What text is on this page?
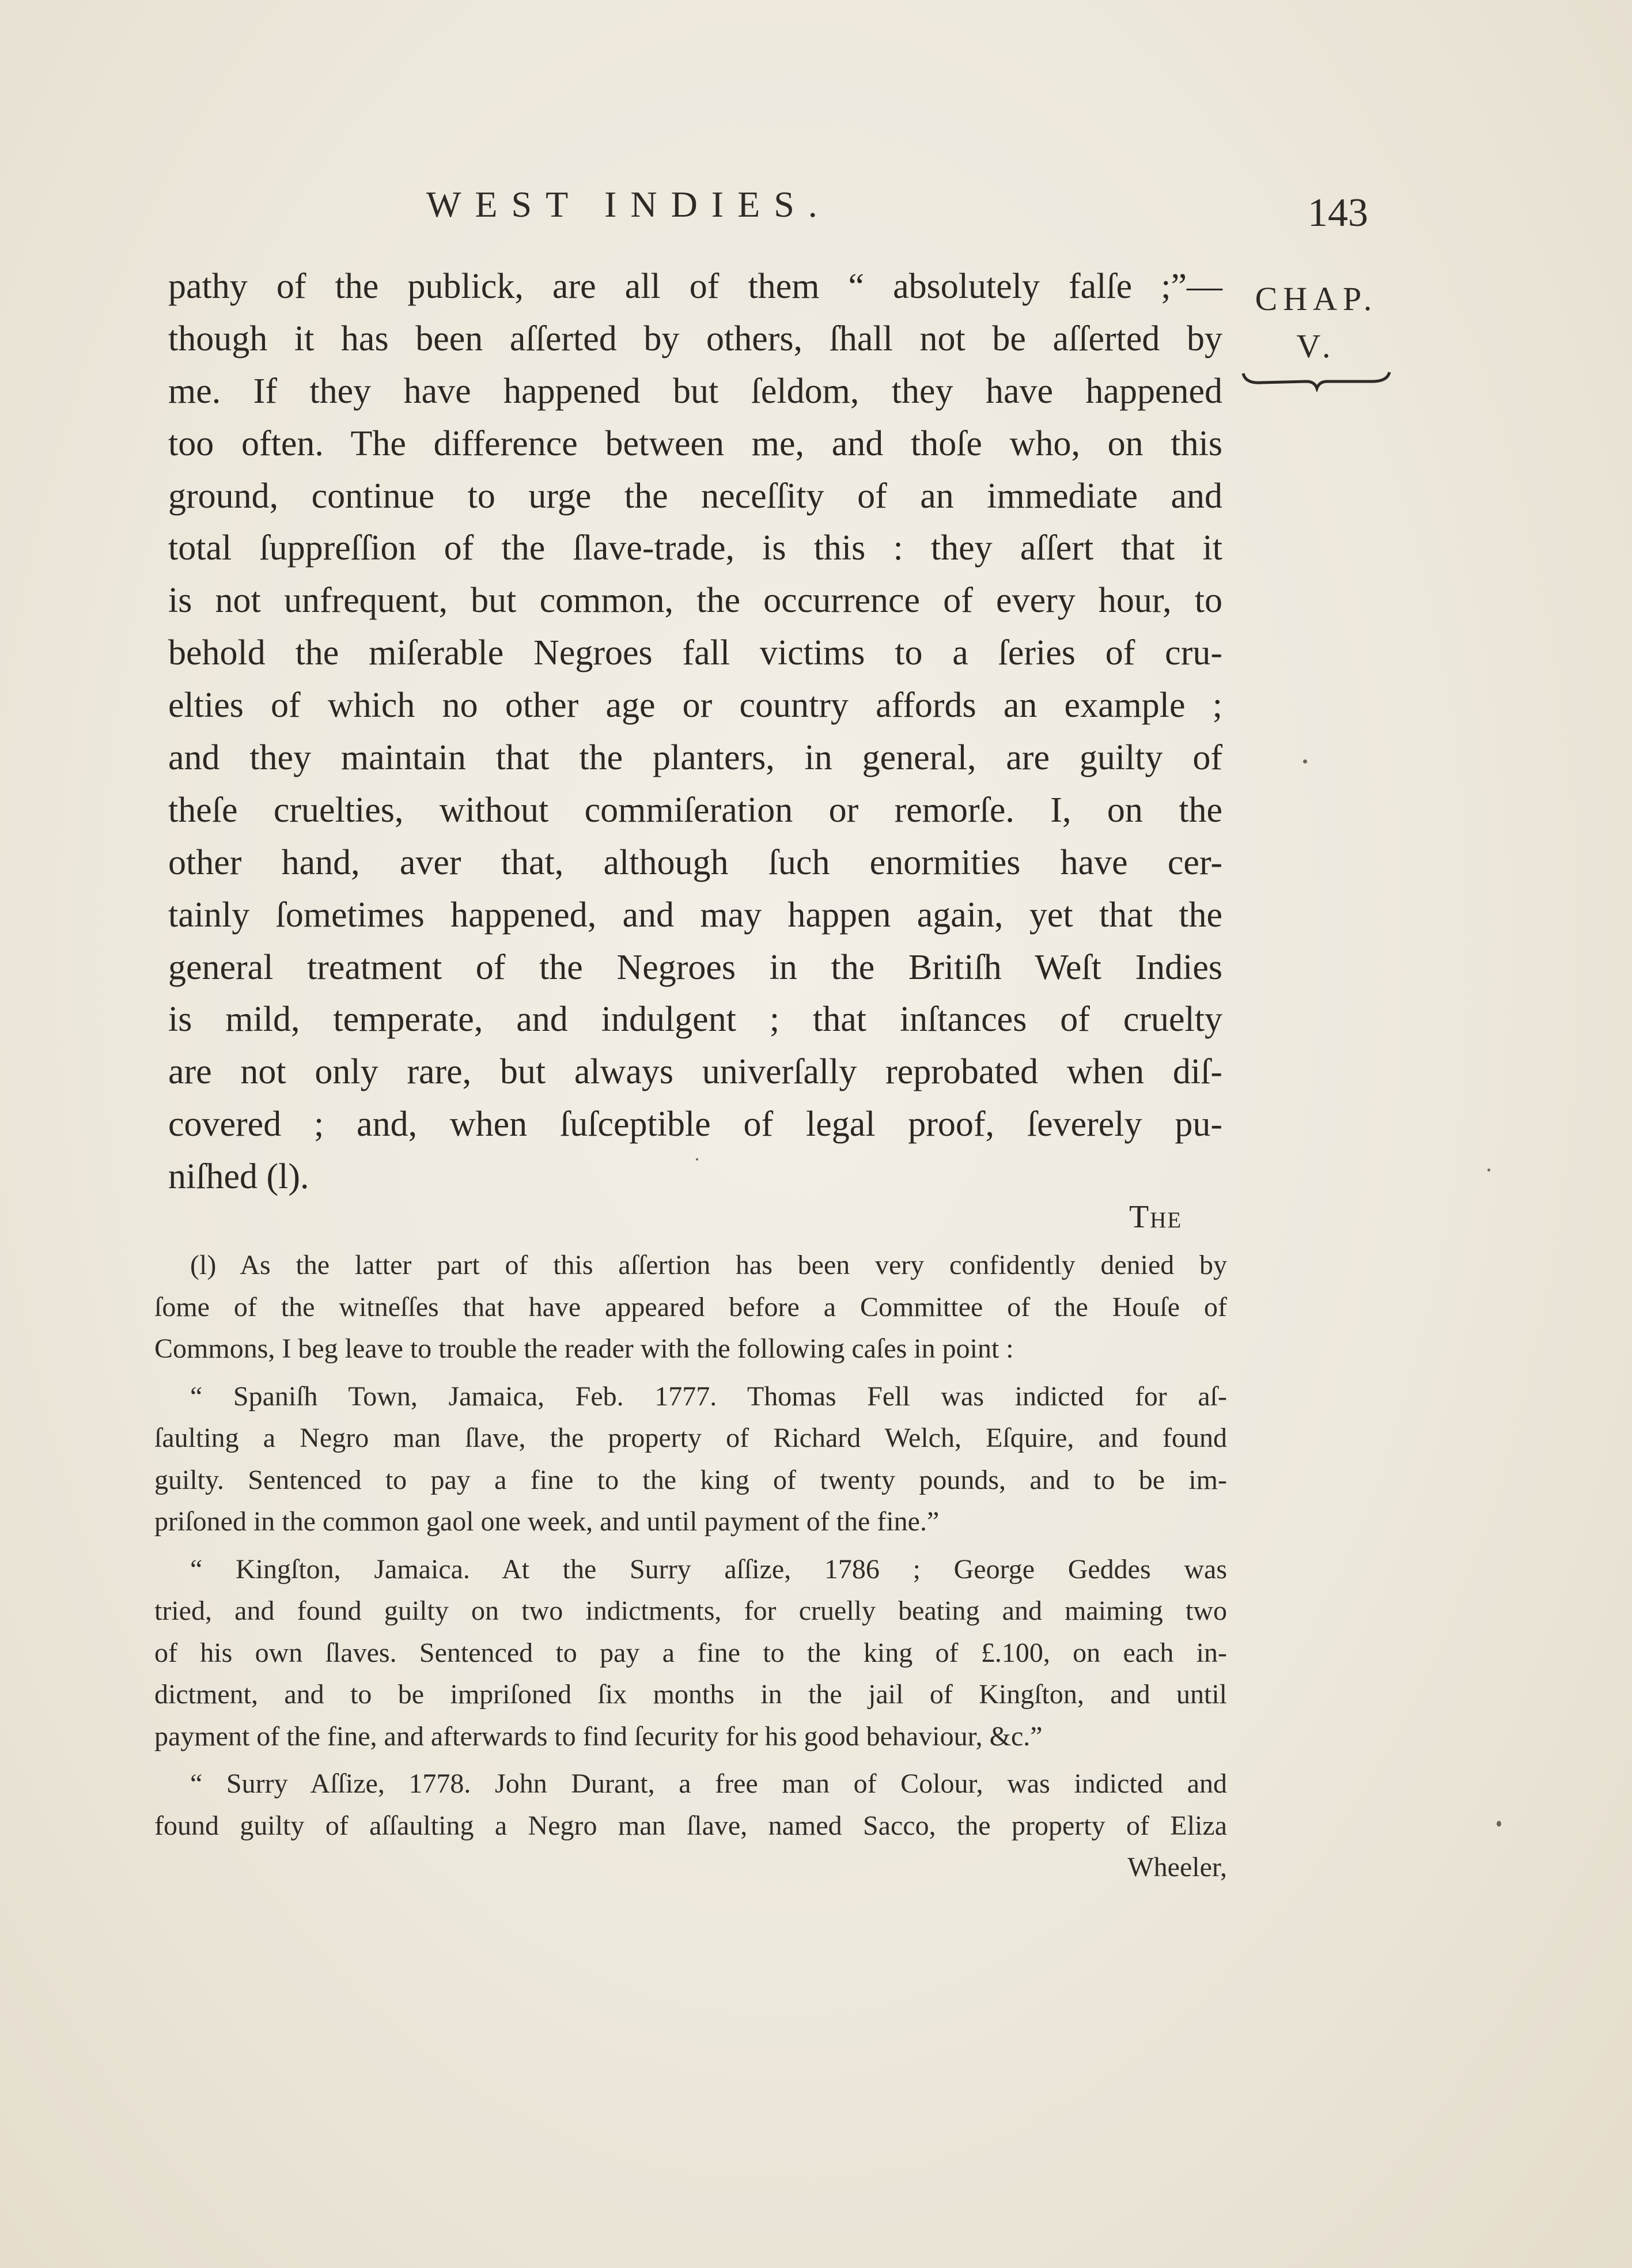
WEST INDIES.	143
CHAP.
V.
pathy of the publick, are all of them “ absolutely falſe ;”—
though it has been aſſerted by others, ſhall not be aſſerted by
me. If they have happened but ſeldom, they have happened
too often. The difference between me, and thoſe who, on this
ground, continue to urge the neceſſity of an immediate and
total ſuppreſſion of the ſlave-trade, is this : they aſſert that it
is not unfrequent, but common, the occurrence of every hour, to
behold the miſerable Negroes fall victims to a ſeries of cru-
elties of which no other age or country affords an example ;
and they maintain that the planters, in general, are guilty of
theſe cruelties, without commiſeration or remorſe. I, on the
other hand, aver that, although ſuch enormities have cer-
tainly ſometimes happened, and may happen again, yet that the
general treatment of the Negroes in the Britiſh Weſt Indies
is mild, temperate, and indulgent ; that inſtances of cruelty
are not only rare, but always univerſally reprobated when diſ-
covered ; and, when ſuſceptible of legal proof, ſeverely pu-
niſhed (l).
The
(l) As the latter part of this aſſertion has been very confidently denied by
ſome of the witneſſes that have appeared before a Committee of the Houſe of
Commons, I beg leave to trouble the reader with the following caſes in point :
“ Spaniſh Town, Jamaica, Feb. 1777. Thomas Fell was indicted for aſ-
ſaulting a Negro man ſlave, the property of Richard Welch, Eſquire, and found
guilty. Sentenced to pay a fine to the king of twenty pounds, and to be im-
priſoned in the common gaol one week, and until payment of the fine.”
“ Kingſton, Jamaica. At the Surry aſſize, 1786 ; George Geddes was
tried, and found guilty on two indictments, for cruelly beating and maiming two
of his own ſlaves. Sentenced to pay a fine to the king of £.100, on each in-
dictment, and to be impriſoned ſix months in the jail of Kingſton, and until
payment of the fine, and afterwards to find ſecurity for his good behaviour, &c.”
“ Surry Aſſize, 1778. John Durant, a free man of Colour, was indicted and
found guilty of aſſaulting a Negro man ſlave, named Sacco, the property of Eliza
Wheeler,
